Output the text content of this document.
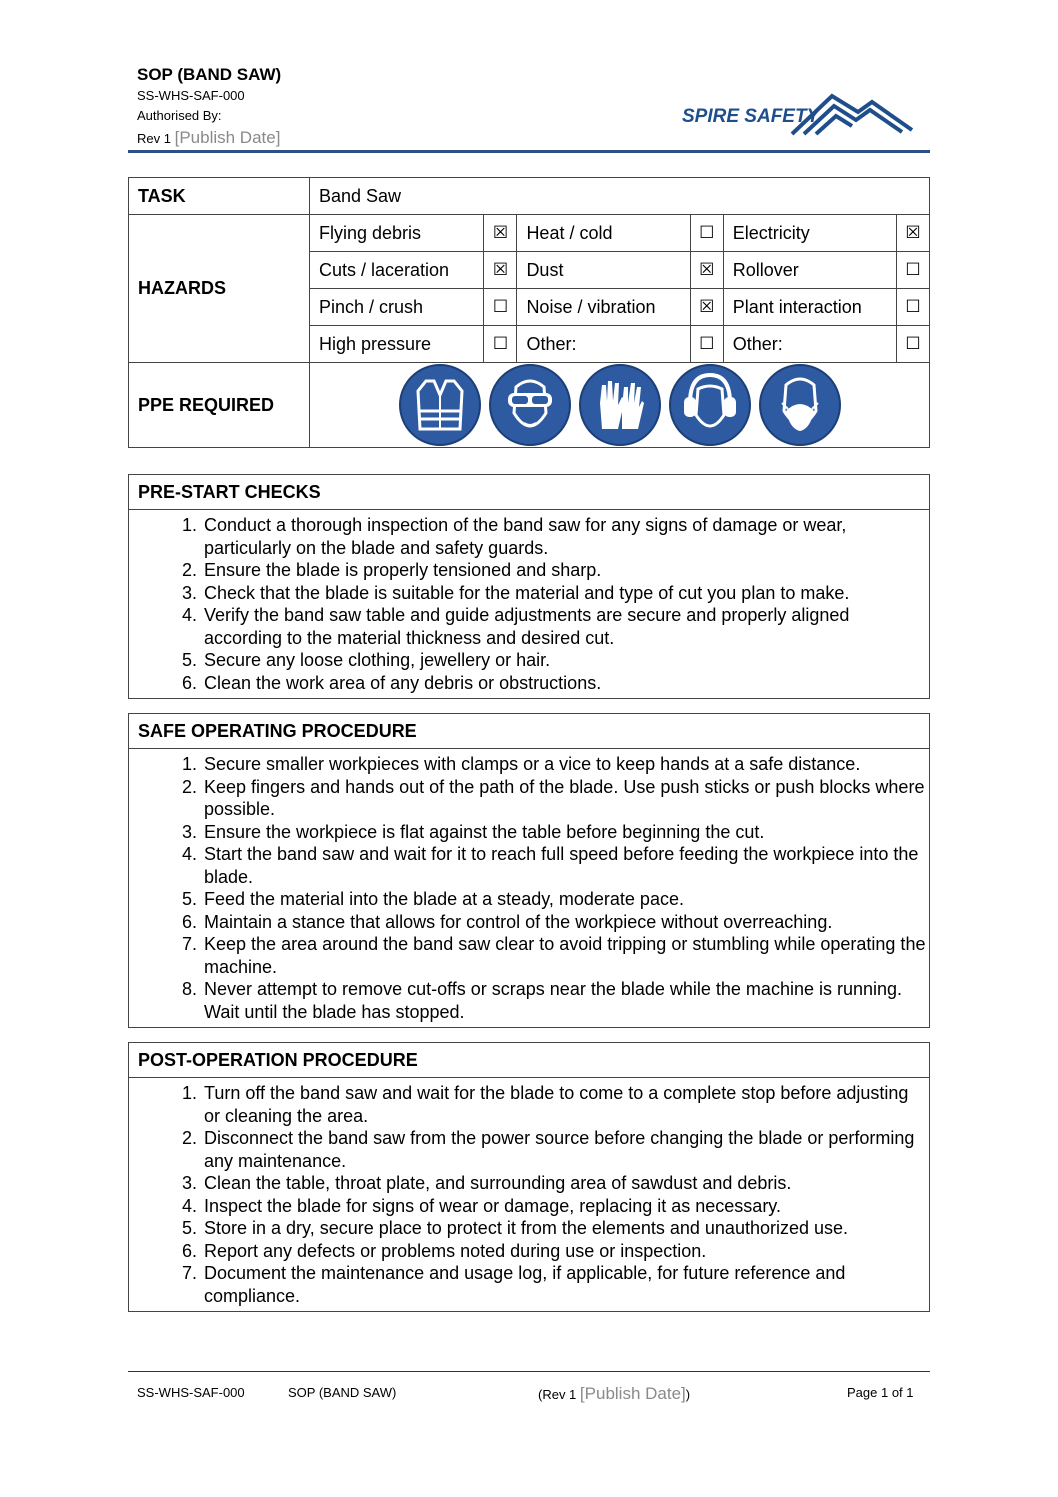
SOP (BAND SAW)
SS-WHS-SAF-000
Authorised By:
Rev 1 [Publish Date]
SPIRE SAFETY
TASK	Band Saw					
HAZARDS	Flying debris	☒	Heat / cold	☐	Electricity	☒
	Cuts / laceration	☒	Dust	☒	Rollover	☐
	Pinch / crush	☐	Noise / vibration	☒	Plant interaction	☐
	High pressure	☐	Other:	☐	Other:	☐
PPE REQUIRED	
PRE-START CHECKS
1. Conduct a thorough inspection of the band saw for any signs of damage or wear, particularly on the blade and safety guards.
2. Ensure the blade is properly tensioned and sharp.
3. Check that the blade is suitable for the material and type of cut you plan to make.
4. Verify the band saw table and guide adjustments are secure and properly aligned according to the material thickness and desired cut.
5. Secure any loose clothing, jewellery or hair.
6. Clean the work area of any debris or obstructions.
SAFE OPERATING PROCEDURE
1. Secure smaller workpieces with clamps or a vice to keep hands at a safe distance.
2. Keep fingers and hands out of the path of the blade. Use push sticks or push blocks where possible.
3. Ensure the workpiece is flat against the table before beginning the cut.
4. Start the band saw and wait for it to reach full speed before feeding the workpiece into the blade.
5. Feed the material into the blade at a steady, moderate pace.
6. Maintain a stance that allows for control of the workpiece without overreaching.
7. Keep the area around the band saw clear to avoid tripping or stumbling while operating the machine.
8. Never attempt to remove cut-offs or scraps near the blade while the machine is running. Wait until the blade has stopped.
POST-OPERATION PROCEDURE
1. Turn off the band saw and wait for the blade to come to a complete stop before adjusting or cleaning the area.
2. Disconnect the band saw from the power source before changing the blade or performing any maintenance.
3. Clean the table, throat plate, and surrounding area of sawdust and debris.
4. Inspect the blade for signs of wear or damage, replacing it as necessary.
5. Store in a dry, secure place to protect it from the elements and unauthorized use.
6. Report any defects or problems noted during use or inspection.
7. Document the maintenance and usage log, if applicable, for future reference and compliance.
SS-WHS-SAF-000	SOP (BAND SAW)	(Rev 1 [Publish Date])	Page 1 of 1
